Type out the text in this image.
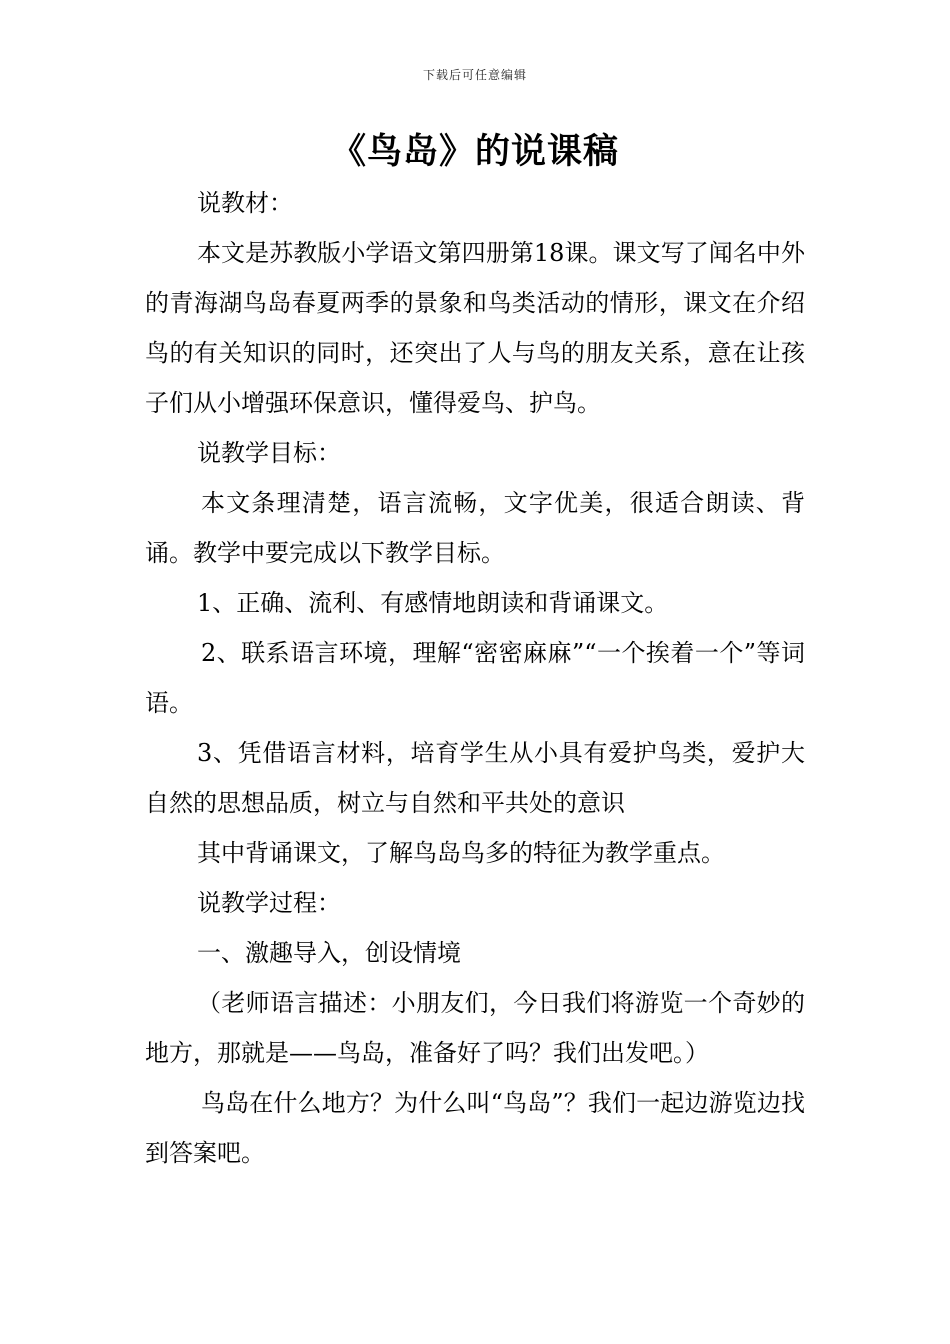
下载后可任意编辑
《鸟岛》的说课稿

说教材：

本文是苏教版小学语文第四册第18课。课文写了闻名中外的青海湖鸟岛春夏两季的景象和鸟类活动的情形，课文在介绍鸟的有关知识的同时，还突出了人与鸟的朋友关系，意在让孩子们从小增强环保意识，懂得爱鸟、护鸟。

说教学目标：

本文条理清楚，语言流畅，文字优美，很适合朗读、背诵。教学中要完成以下教学目标。

1、正确、流利、有感情地朗读和背诵课文。

2、联系语言环境，理解“密密麻麻”“一个挨着一个”等词语。

3、凭借语言材料，培育学生从小具有爱护鸟类，爱护大自然的思想品质，树立与自然和平共处的意识

其中背诵课文，了解鸟岛鸟多的特征为教学重点。

说教学过程：

一、激趣导入，创设情境

（老师语言描述：小朋友们，今日我们将游览一个奇妙的地方，那就是——鸟岛，准备好了吗？我们出发吧。）

鸟岛在什么地方？为什么叫“鸟岛”？我们一起边游览边找到答案吧。
